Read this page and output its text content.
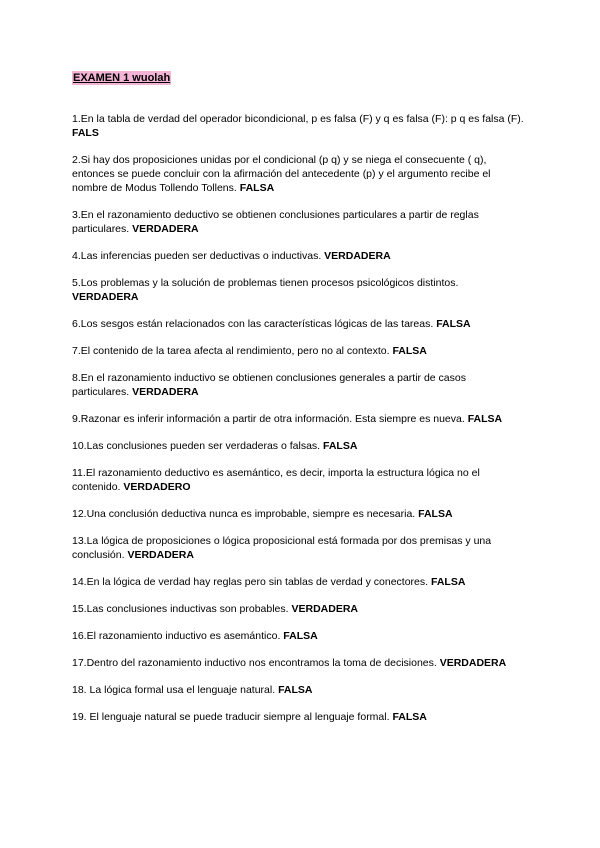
EXAMEN 1 wuolah
1.En la tabla de verdad del operador bicondicional, p es falsa (F) y q es falsa (F): p q es falsa (F). FALS
2.Si hay dos proposiciones unidas por el condicional (p q) y se niega el consecuente ( q), entonces se puede concluir con la afirmación del antecedente (p) y el argumento recibe el nombre de Modus Tollendo Tollens. FALSA
3.En el razonamiento deductivo se obtienen conclusiones particulares a partir de reglas particulares. VERDADERA
4.Las inferencias pueden ser deductivas o inductivas. VERDADERA
5.Los problemas y la solución de problemas tienen procesos psicológicos distintos. VERDADERA
6.Los sesgos están relacionados con las características lógicas de las tareas. FALSA
7.El contenido de la tarea afecta al rendimiento, pero no al contexto. FALSA
8.En el razonamiento inductivo se obtienen conclusiones generales a partir de casos particulares. VERDADERA
9.Razonar es inferir información a partir de otra información. Esta siempre es nueva. FALSA
10.Las conclusiones pueden ser verdaderas o falsas. FALSA
11.El razonamiento deductivo es asemántico, es decir, importa la estructura lógica no el contenido. VERDADERO
12.Una conclusión deductiva nunca es improbable, siempre es necesaria. FALSA
13.La lógica de proposiciones o lógica proposicional está formada por dos premisas y una conclusión. VERDADERA
14.En la lógica de verdad hay reglas pero sin tablas de verdad y conectores. FALSA
15.Las conclusiones inductivas son probables. VERDADERA
16.El razonamiento inductivo es asemántico. FALSA
17.Dentro del razonamiento inductivo nos encontramos la toma de decisiones. VERDADERA
18. La lógica formal usa el lenguaje natural. FALSA
19. El lenguaje natural se puede traducir siempre al lenguaje formal. FALSA
